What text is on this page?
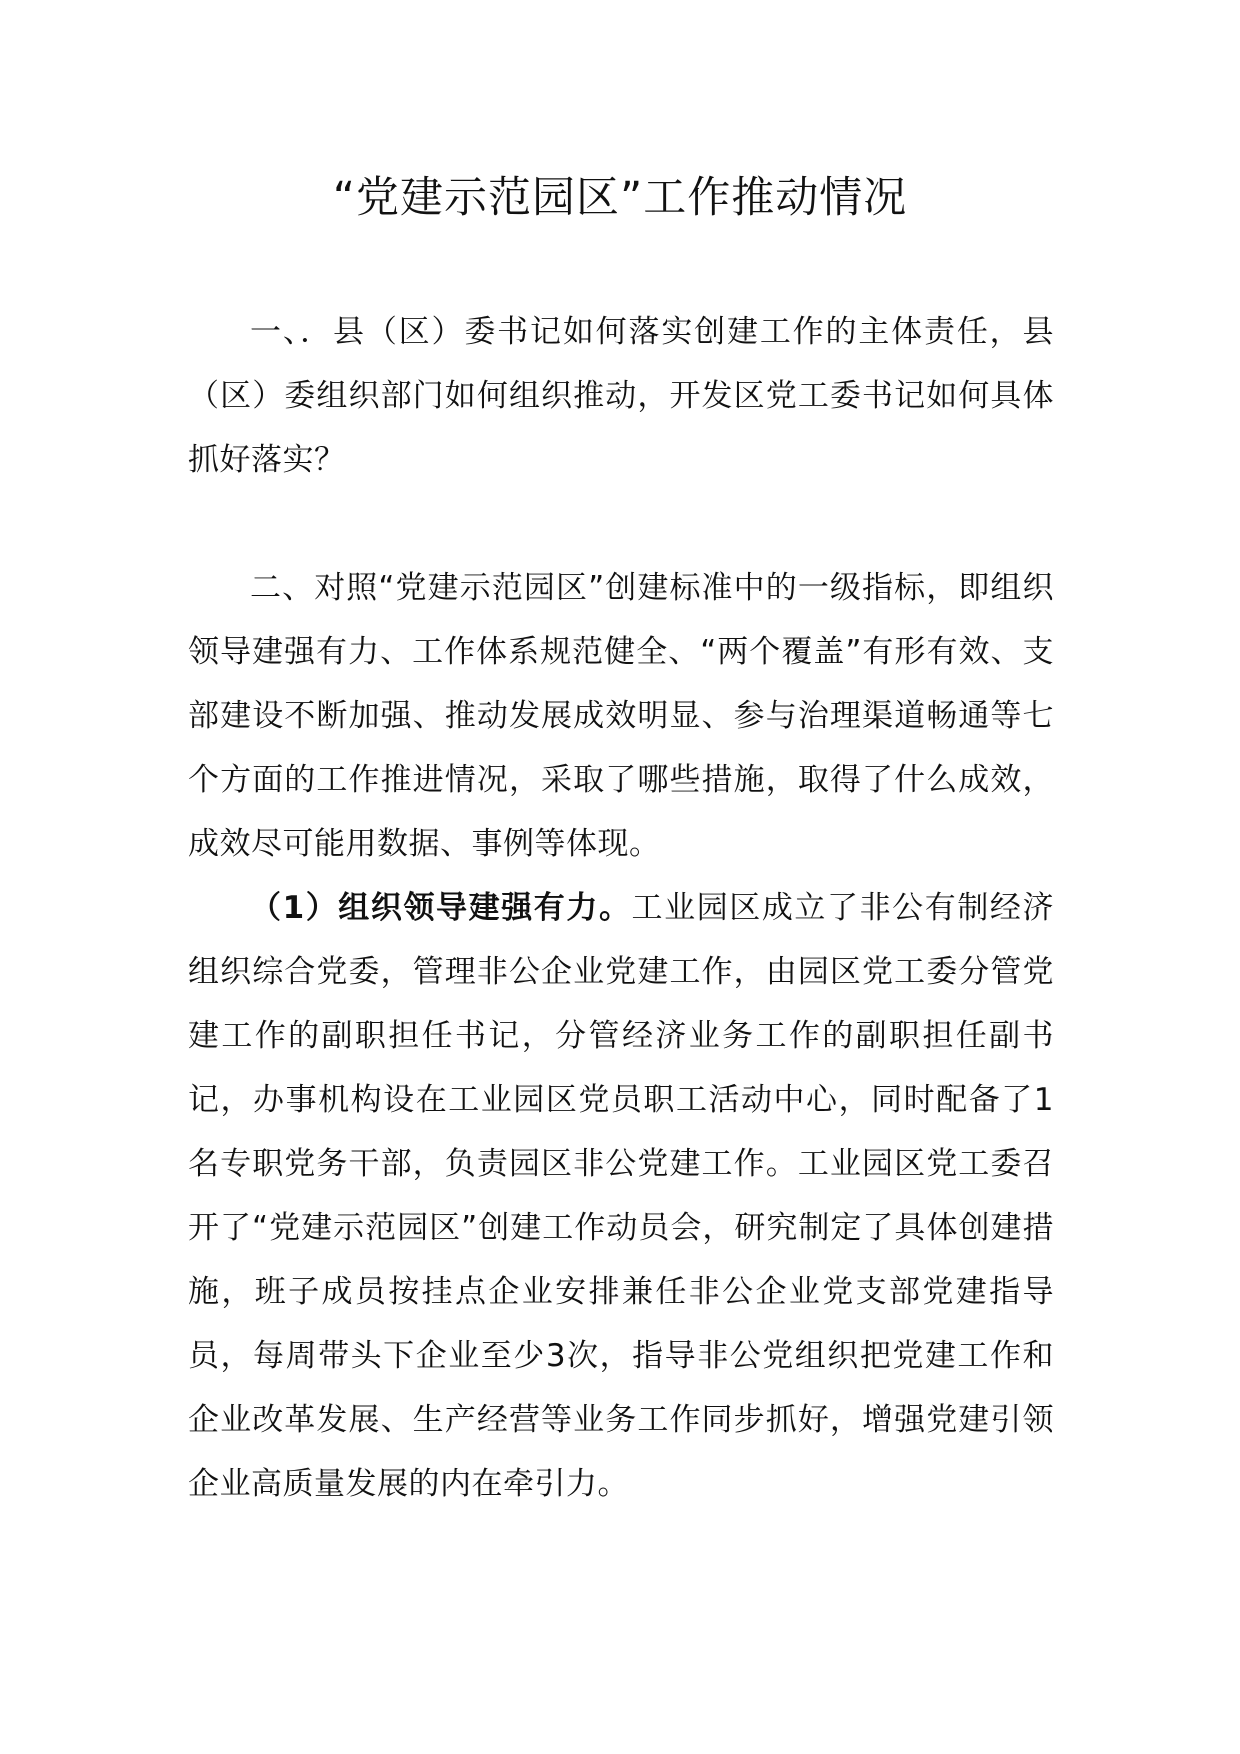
“党建示范园区”工作推动情况

一、．县（区）委书记如何落实创建工作的主体责任，县（区）委组织部门如何组织推动，开发区党工委书记如何具体抓好落实？

二、对照“党建示范园区”创建标准中的一级指标，即组织领导建强有力、工作体系规范健全、“两个覆盖”有形有效、支部建设不断加强、推动发展成效明显、参与治理渠道畅通等七个方面的工作推进情况，采取了哪些措施，取得了什么成效，成效尽可能用数据、事例等体现。

（1）组织领导建强有力。工业园区成立了非公有制经济组织综合党委，管理非公企业党建工作，由园区党工委分管党建工作的副职担任书记，分管经济业务工作的副职担任副书记，办事机构设在工业园区党员职工活动中心，同时配备了1名专职党务干部，负责园区非公党建工作。工业园区党工委召开了“党建示范园区”创建工作动员会，研究制定了具体创建措施，班子成员按挂点企业安排兼任非公企业党支部党建指导员，每周带头下企业至少3次，指导非公党组织把党建工作和企业改革发展、生产经营等业务工作同步抓好，增强党建引领企业高质量发展的内在牵引力。
